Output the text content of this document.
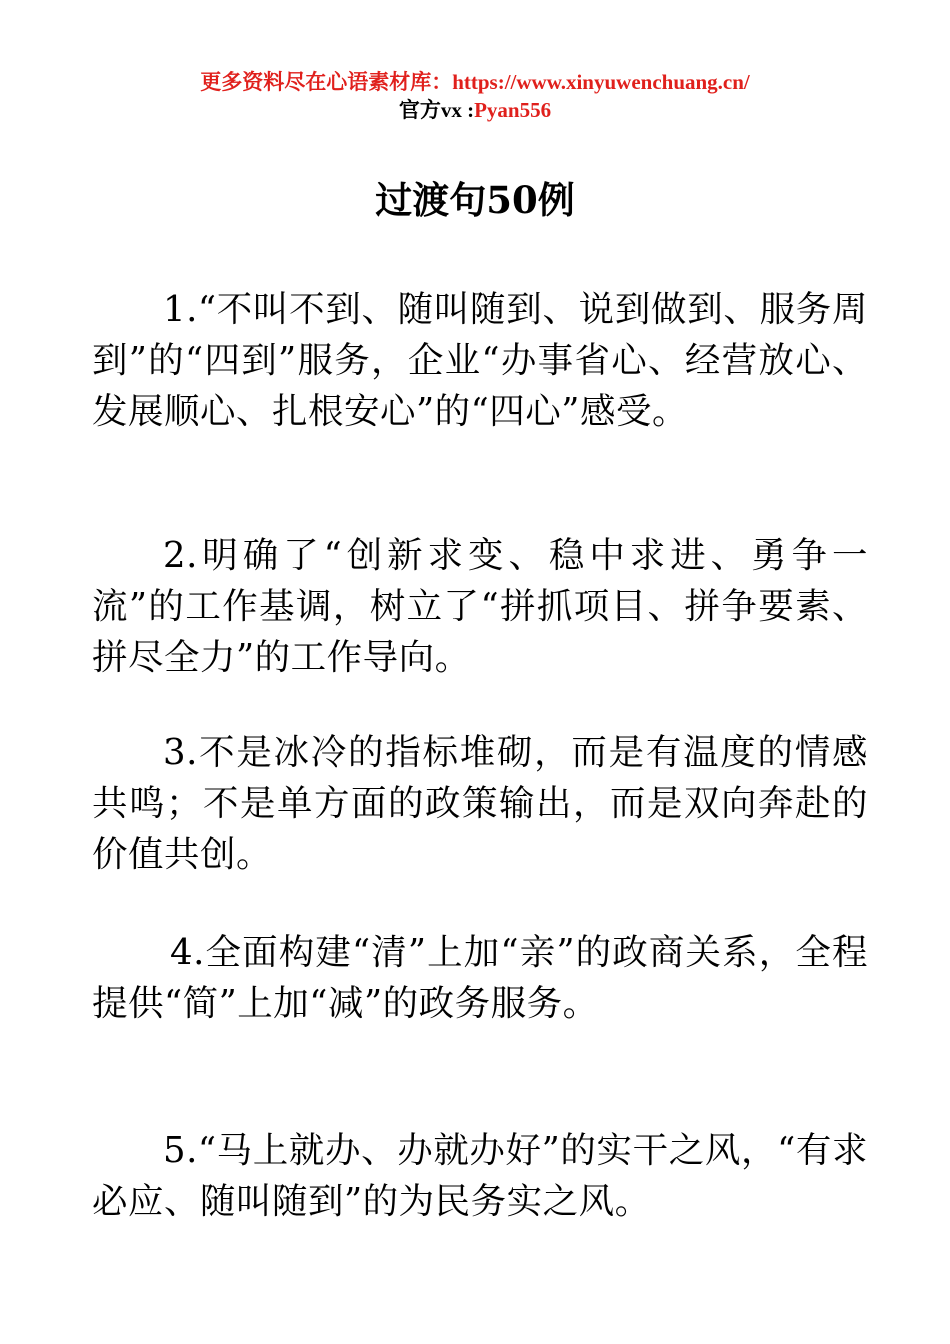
更多资料尽在心语素材库：https://www.xinyuwenchuang.cn/
官方vx :Pyan556
过渡句50例

1.“不叫不到、随叫随到、说到做到、服务周到”的“四到”服务，企业“办事省心、经营放心、发展顺心、扎根安心”的“四心”感受。

2.明确了“创新求变、稳中求进、勇争一流”的工作基调，树立了“拼抓项目、拼争要素、拼尽全力”的工作导向。

3.不是冰冷的指标堆砌，而是有温度的情感共鸣；不是单方面的政策输出，而是双向奔赴的价值共创。

4.全面构建“清”上加“亲”的政商关系，全程提供“简”上加“减”的政务服务。

5.“马上就办、办就办好”的实干之风，“有求必应、随叫随到”的为民务实之风。
